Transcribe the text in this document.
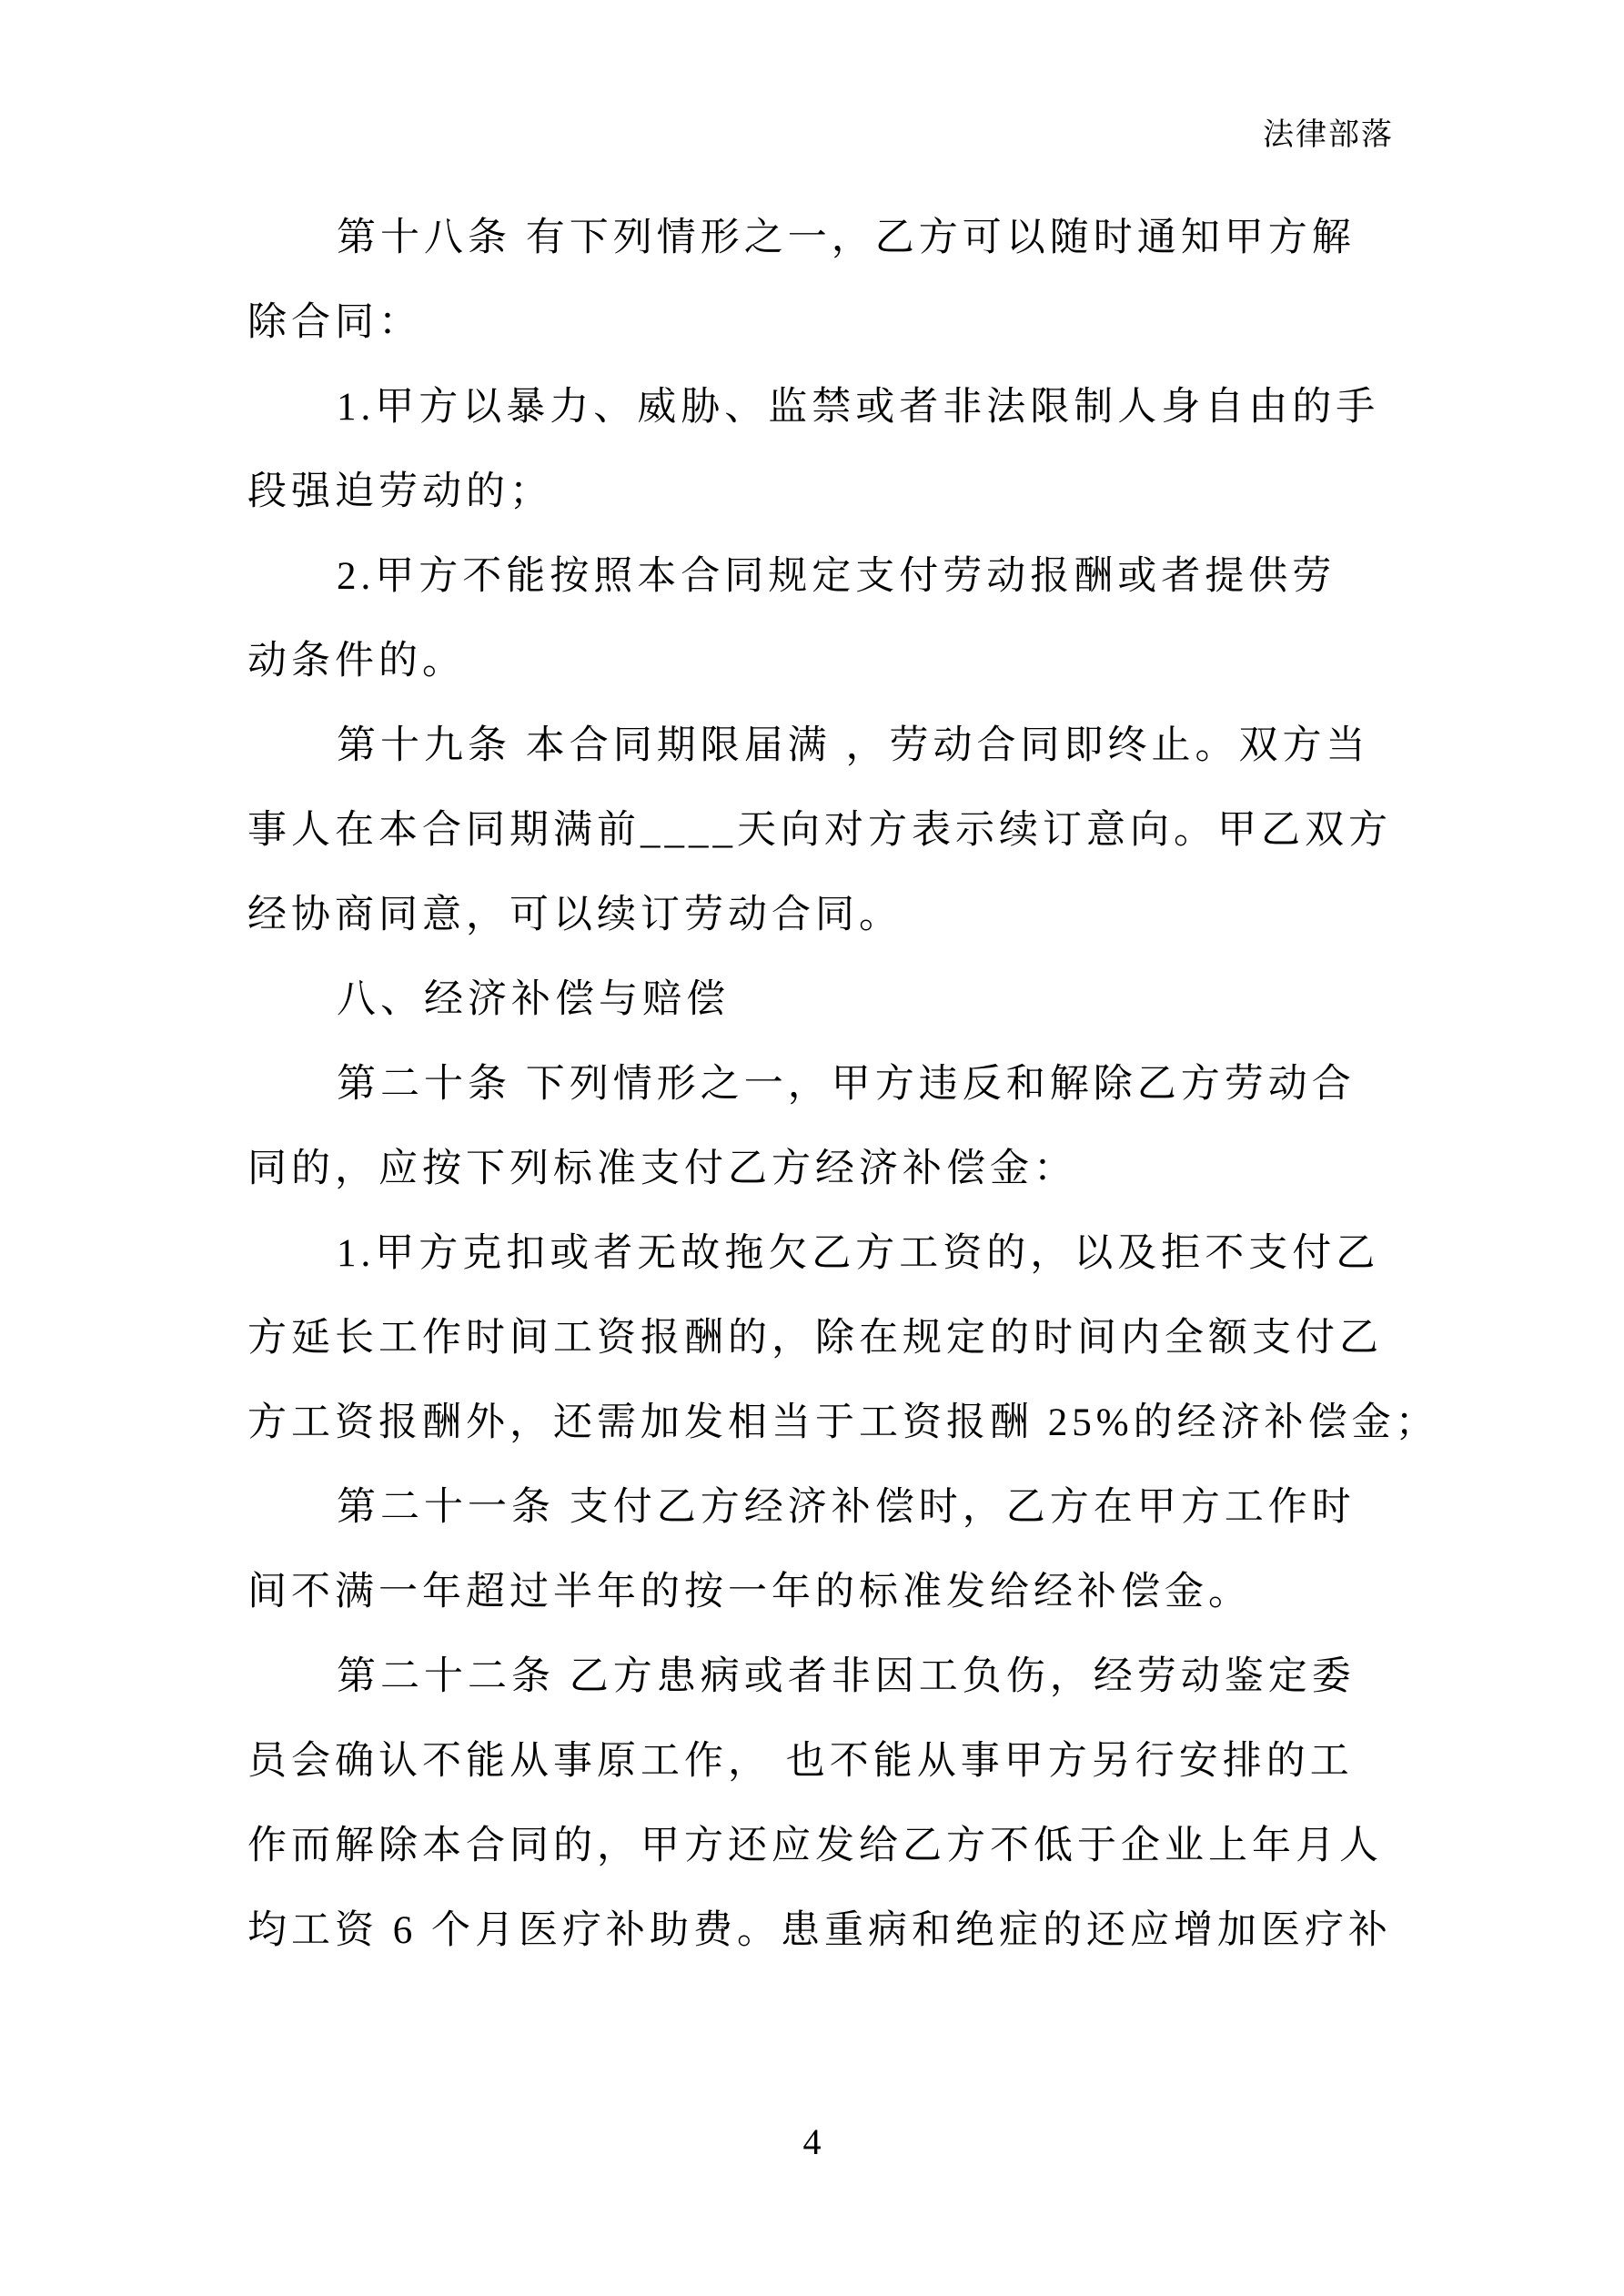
法律部落
第十八条 有下列情形之一，乙方可以随时通知甲方解
除合同：
1.甲方以暴力、威胁、监禁或者非法限制人身自由的手
段强迫劳动的；
2.甲方不能按照本合同规定支付劳动报酬或者提供劳
动条件的。
第十九条 本合同期限届满 ，劳动合同即终止。双方当
事人在本合同期满前____天向对方表示续订意向。甲乙双方
经协商同意，可以续订劳动合同。
八、经济补偿与赔偿
第二十条 下列情形之一，甲方违反和解除乙方劳动合
同的，应按下列标准支付乙方经济补偿金：
1.甲方克扣或者无故拖欠乙方工资的，以及拒不支付乙
方延长工作时间工资报酬的，除在规定的时间内全额支付乙
方工资报酬外，还需加发相当于工资报酬 25%的经济补偿金；
第二十一条 支付乙方经济补偿时，乙方在甲方工作时
间不满一年超过半年的按一年的标准发给经补偿金。
第二十二条 乙方患病或者非因工负伤，经劳动鉴定委
员会确认不能从事原工作， 也不能从事甲方另行安排的工
作而解除本合同的，甲方还应发给乙方不低于企业上年月人
均工资 6 个月医疗补助费。患重病和绝症的还应增加医疗补
4
